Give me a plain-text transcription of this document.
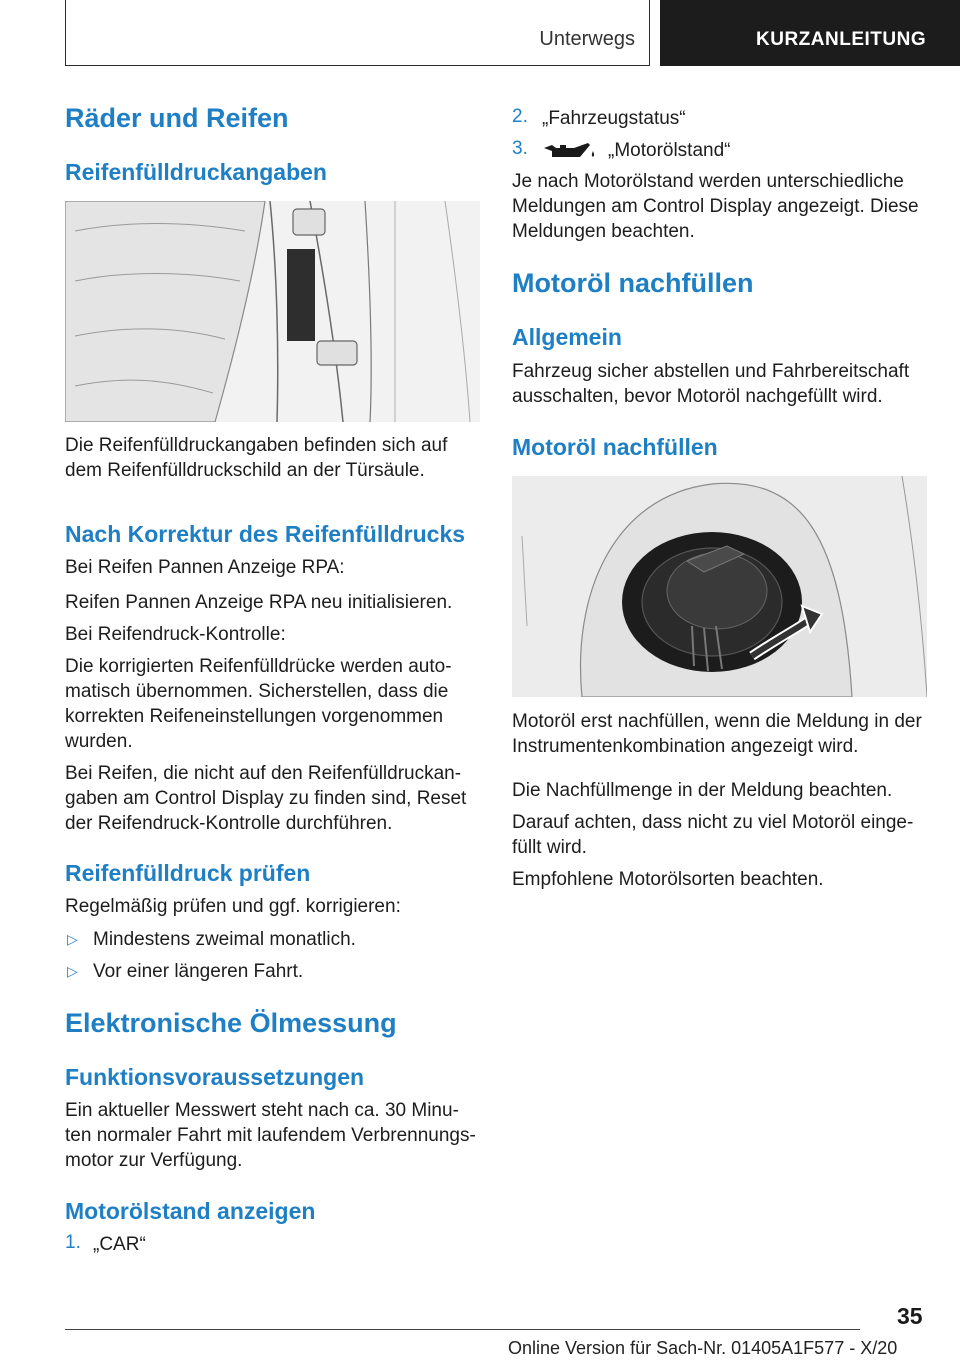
Unterwegs	KURZANLEITUNG
Räder und Reifen
Reifenfülldruckangaben
Die Reifenfülldruckangaben befinden sich auf
dem Reifenfülldruckschild an der Türsäule.
Nach Korrektur des Reifenfülldrucks
Bei Reifen Pannen Anzeige RPA:
Reifen Pannen Anzeige RPA neu initialisieren.
Bei Reifendruck-Kontrolle:
Die korrigierten Reifenfülldrücke werden auto-
matisch übernommen. Sicherstellen, dass die
korrekten Reifeneinstellungen vorgenommen
wurden.
Bei Reifen, die nicht auf den Reifenfülldruckan-
gaben am Control Display zu finden sind, Reset
der Reifendruck-Kontrolle durchführen.
Reifenfülldruck prüfen
Regelmäßig prüfen und ggf. korrigieren:
▷ Mindestens zweimal monatlich.
▷ Vor einer längeren Fahrt.
Elektronische Ölmessung
Funktionsvoraussetzungen
Ein aktueller Messwert steht nach ca. 30 Minu-
ten normaler Fahrt mit laufendem Verbrennungs-
motor zur Verfügung.
Motorölstand anzeigen
1. „CAR“
2. „Fahrzeugstatus“
3.	„Motorölstand“
Je nach Motorölstand werden unterschiedliche
Meldungen am Control Display angezeigt. Diese
Meldungen beachten.
Motoröl nachfüllen
Allgemein
Fahrzeug sicher abstellen und Fahrbereitschaft
ausschalten, bevor Motoröl nachgefüllt wird.
Motoröl nachfüllen
Motoröl erst nachfüllen, wenn die Meldung in der
Instrumentenkombination angezeigt wird.
Die Nachfüllmenge in der Meldung beachten.
Darauf achten, dass nicht zu viel Motoröl einge-
füllt wird.
Empfohlene Motorölsorten beachten.
35
Online Version für Sach-Nr. 01405A1F577 - X/20
